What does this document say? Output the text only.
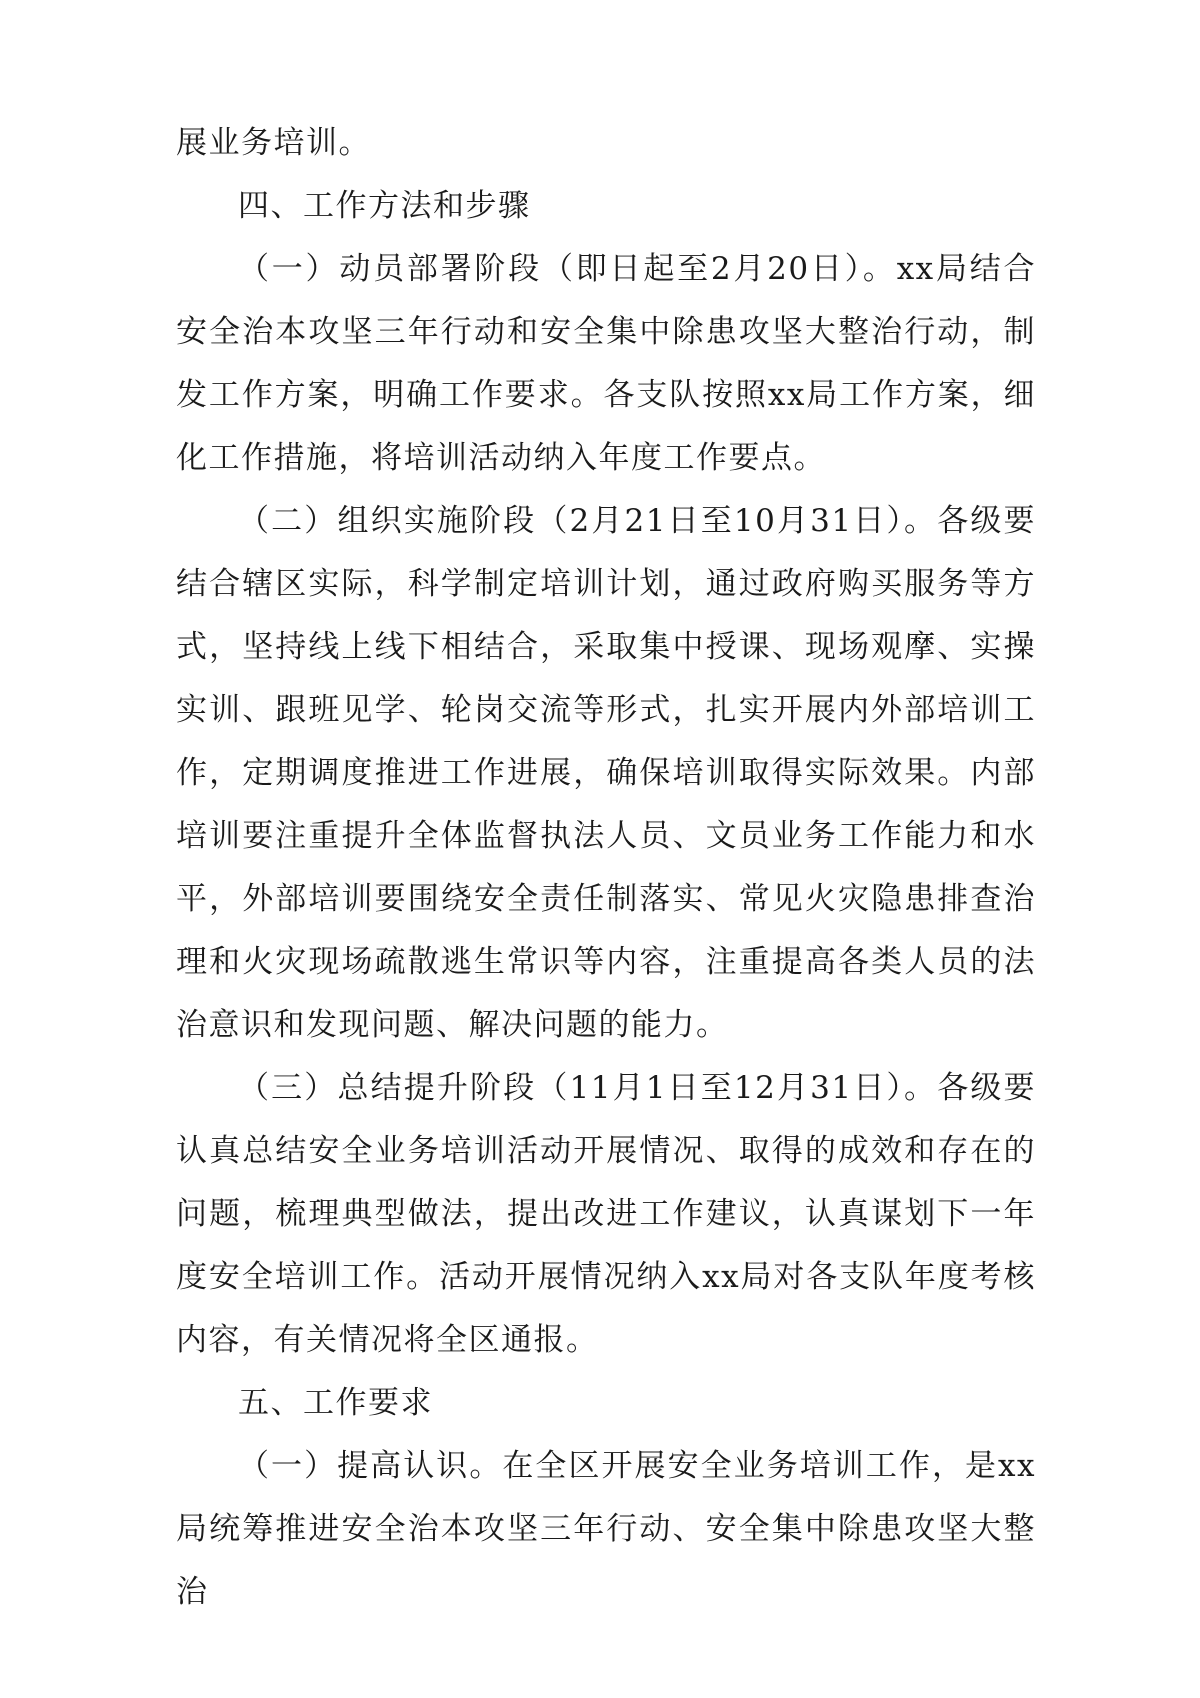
展业务培训。

四、工作方法和步骤

（一）动员部署阶段（即日起至2月20日）。xx局结合安全治本攻坚三年行动和安全集中除患攻坚大整治行动，制发工作方案，明确工作要求。各支队按照xx局工作方案，细化工作措施，将培训活动纳入年度工作要点。

（二）组织实施阶段（2月21日至10月31日）。各级要结合辖区实际，科学制定培训计划，通过政府购买服务等方式，坚持线上线下相结合，采取集中授课、现场观摩、实操实训、跟班见学、轮岗交流等形式，扎实开展内外部培训工作，定期调度推进工作进展，确保培训取得实际效果。内部培训要注重提升全体监督执法人员、文员业务工作能力和水平，外部培训要围绕安全责任制落实、常见火灾隐患排查治理和火灾现场疏散逃生常识等内容，注重提高各类人员的法治意识和发现问题、解决问题的能力。

（三）总结提升阶段（11月1日至12月31日）。各级要认真总结安全业务培训活动开展情况、取得的成效和存在的问题，梳理典型做法，提出改进工作建议，认真谋划下一年度安全培训工作。活动开展情况纳入xx局对各支队年度考核内容，有关情况将全区通报。

五、工作要求

（一）提高认识。在全区开展安全业务培训工作，是xx局统筹推进安全治本攻坚三年行动、安全集中除患攻坚大整治
